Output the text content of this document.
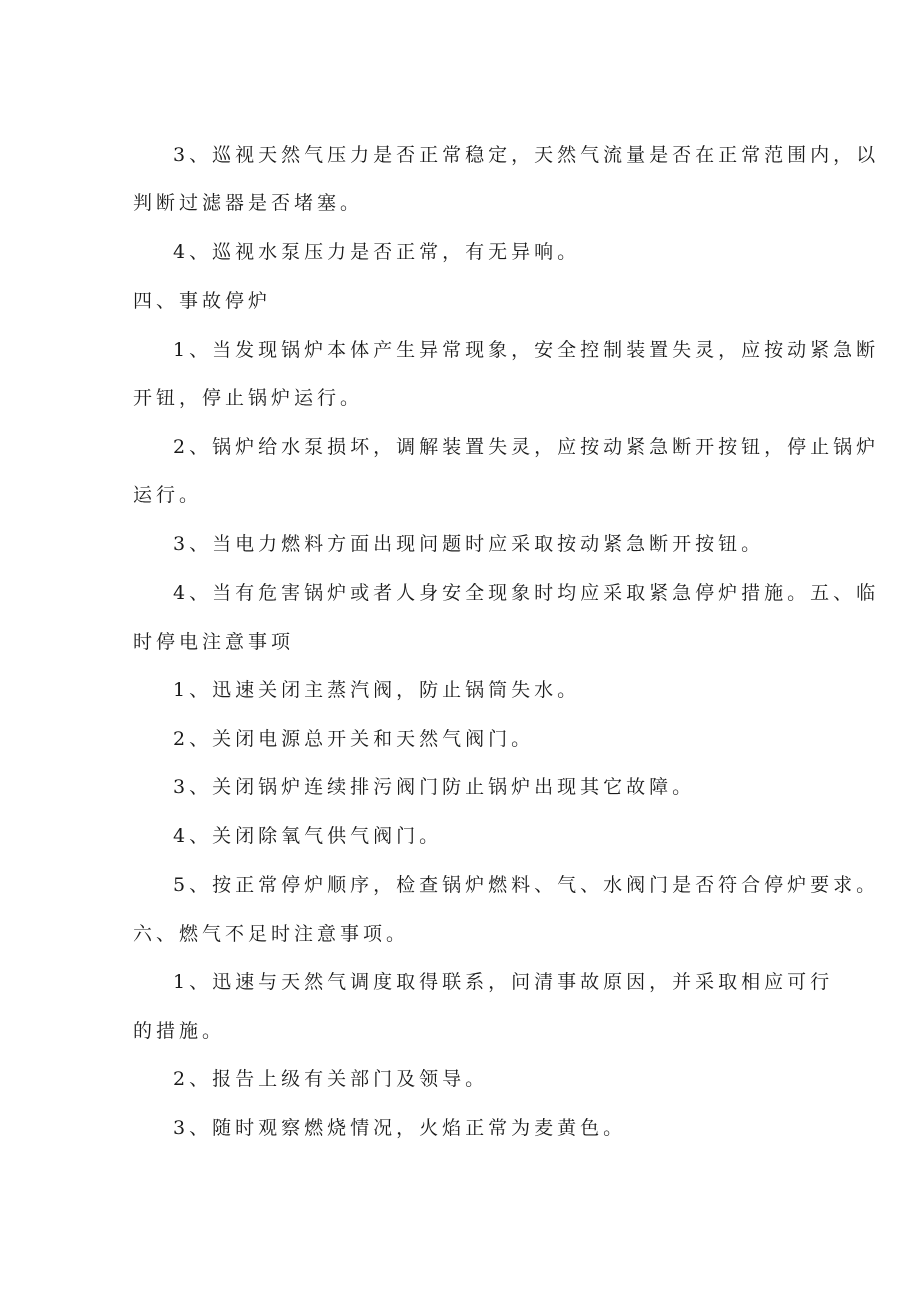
3、巡视天然气压力是否正常稳定，天然气流量是否在正常范围内，以
判断过滤器是否堵塞。
4、巡视水泵压力是否正常，有无异响。
四、事故停炉
1、当发现锅炉本体产生异常现象，安全控制装置失灵，应按动紧急断
开钮，停止锅炉运行。
2、锅炉给水泵损坏，调解装置失灵，应按动紧急断开按钮，停止锅炉
运行。
3、当电力燃料方面出现问题时应采取按动紧急断开按钮。
4、当有危害锅炉或者人身安全现象时均应采取紧急停炉措施。五、临
时停电注意事项
1、迅速关闭主蒸汽阀，防止锅筒失水。
2、关闭电源总开关和天然气阀门。
3、关闭锅炉连续排污阀门防止锅炉出现其它故障。
4、关闭除氧气供气阀门。
5、按正常停炉顺序，检查锅炉燃料、气、水阀门是否符合停炉要求。
六、燃气不足时注意事项。
1、迅速与天然气调度取得联系，问清事故原因，并采取相应可行
的措施。
2、报告上级有关部门及领导。
3、随时观察燃烧情况，火焰正常为麦黄色。
